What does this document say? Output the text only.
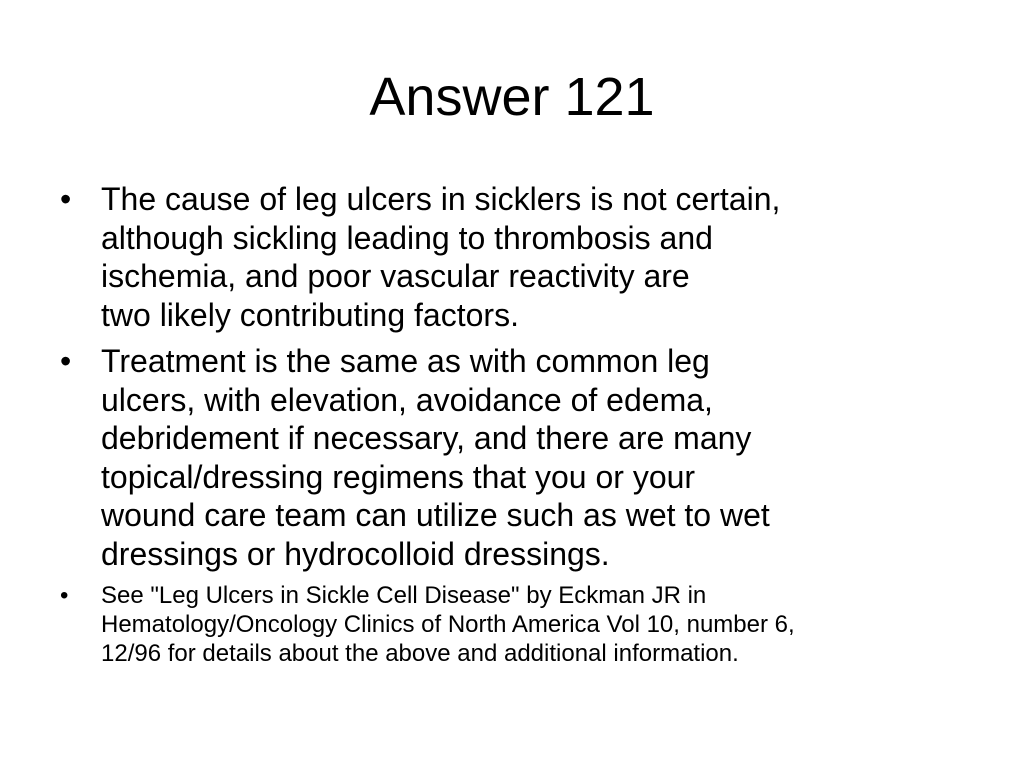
Answer 121
• The cause of leg ulcers in sicklers is not certain,
although sickling leading to thrombosis and
ischemia, and poor vascular reactivity are
two likely contributing factors.
• Treatment is the same as with common leg
ulcers, with elevation, avoidance of edema,
debridement if necessary, and there are many
topical/dressing regimens that you or your
wound care team can utilize such as wet to wet
dressings or hydrocolloid dressings.
• See "Leg Ulcers in Sickle Cell Disease" by Eckman JR in
Hematology/Oncology Clinics of North America Vol 10, number 6,
12/96 for details about the above and additional information.
